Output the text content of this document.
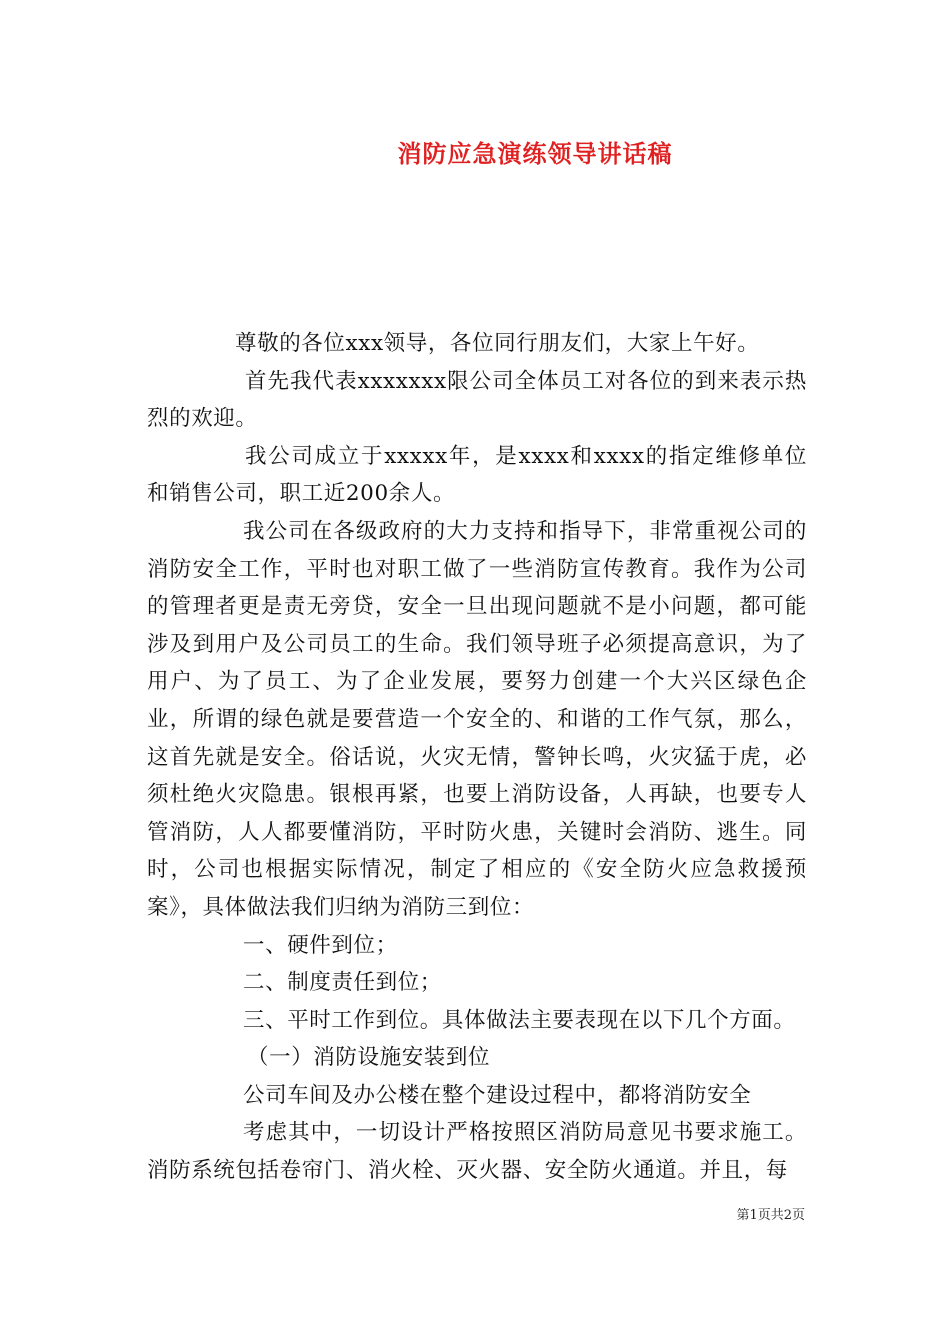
消防应急演练领导讲话稿

尊敬的各位xxx领导，各位同行朋友们，大家上午好。

首先我代表xxxxxxx限公司全体员工对各位的到来表示热烈的欢迎。

我公司成立于xxxxx年，是xxxx和xxxx的指定维修单位和销售公司，职工近200余人。

我公司在各级政府的大力支持和指导下，非常重视公司的消防安全工作，平时也对职工做了一些消防宣传教育。我作为公司的管理者更是责无旁贷，安全一旦出现问题就不是小问题，都可能涉及到用户及公司员工的生命。我们领导班子必须提高意识，为了用户、为了员工、为了企业发展，要努力创建一个大兴区绿色企业，所谓的绿色就是要营造一个安全的、和谐的工作气氛，那么，这首先就是安全。俗话说，火灾无情，警钟长鸣，火灾猛于虎，必须杜绝火灾隐患。银根再紧，也要上消防设备，人再缺，也要专人管消防，人人都要懂消防，平时防火患，关键时会消防、逃生。同时，公司也根据实际情况，制定了相应的《安全防火应急救援预案》，具体做法我们归纳为消防三到位：

一、硬件到位；

二、制度责任到位；

三、平时工作到位。具体做法主要表现在以下几个方面。

（一）消防设施安装到位

公司车间及办公楼在整个建设过程中，都将消防安全

考虑其中，一切设计严格按照区消防局意见书要求施工。消防系统包括卷帘门、消火栓、灭火器、安全防火通道。并且，每

第1页共2页
